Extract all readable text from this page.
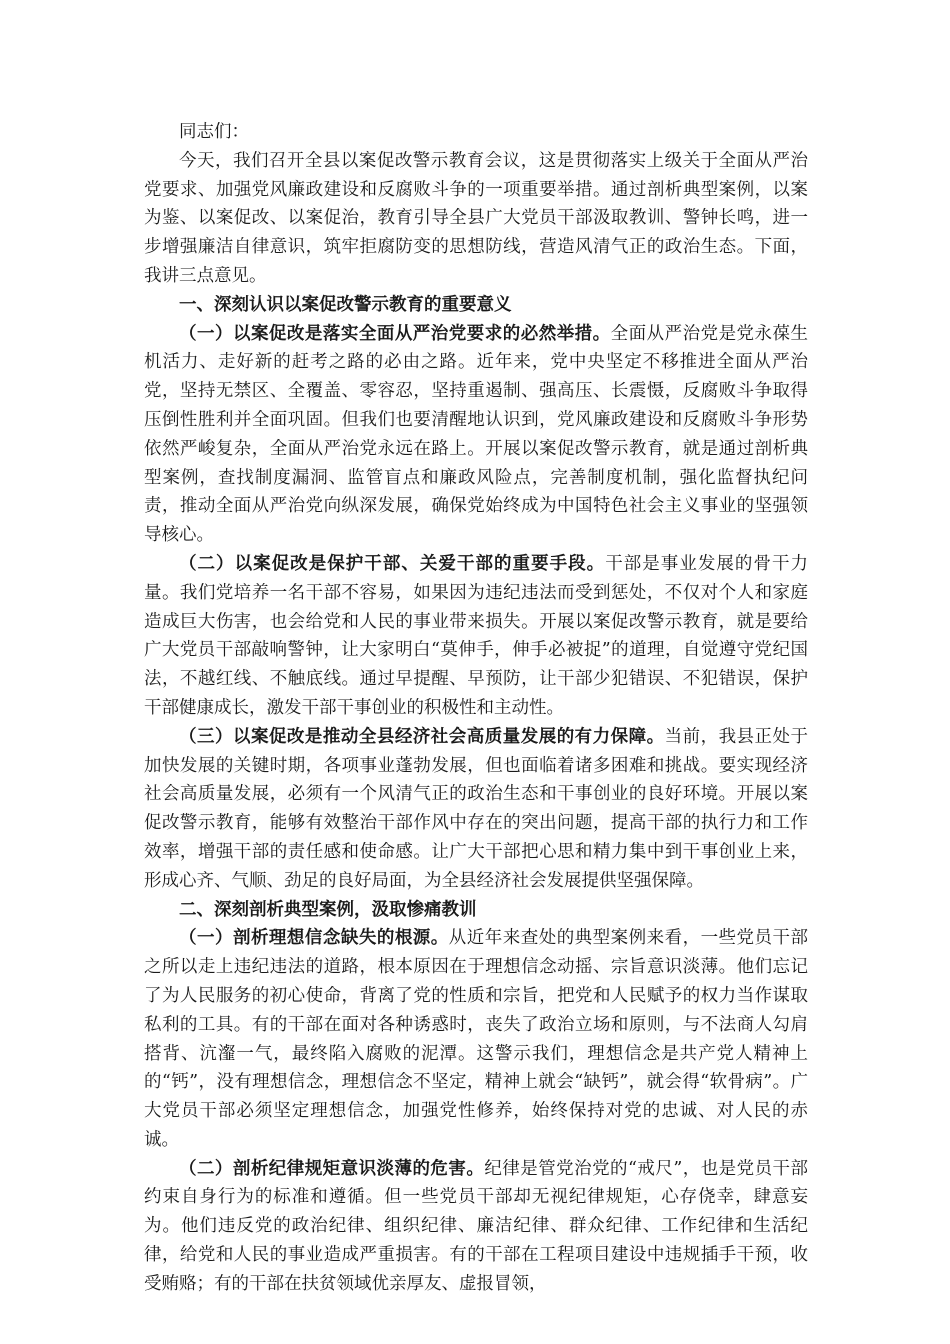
同志们：

今天，我们召开全县以案促改警示教育会议，这是贯彻落实上级关于全面从严治党要求、加强党风廉政建设和反腐败斗争的一项重要举措。通过剖析典型案例，以案为鉴、以案促改、以案促治，教育引导全县广大党员干部汲取教训、警钟长鸣，进一步增强廉洁自律意识，筑牢拒腐防变的思想防线，营造风清气正的政治生态。下面，我讲三点意见。

一、深刻认识以案促改警示教育的重要意义

（一）以案促改是落实全面从严治党要求的必然举措。全面从严治党是党永葆生机活力、走好新的赶考之路的必由之路。近年来，党中央坚定不移推进全面从严治党，坚持无禁区、全覆盖、零容忍，坚持重遏制、强高压、长震慑，反腐败斗争取得压倒性胜利并全面巩固。但我们也要清醒地认识到，党风廉政建设和反腐败斗争形势依然严峻复杂，全面从严治党永远在路上。开展以案促改警示教育，就是通过剖析典型案例，查找制度漏洞、监管盲点和廉政风险点，完善制度机制，强化监督执纪问责，推动全面从严治党向纵深发展，确保党始终成为中国特色社会主义事业的坚强领导核心。

（二）以案促改是保护干部、关爱干部的重要手段。干部是事业发展的骨干力量。我们党培养一名干部不容易，如果因为违纪违法而受到惩处，不仅对个人和家庭造成巨大伤害，也会给党和人民的事业带来损失。开展以案促改警示教育，就是要给广大党员干部敲响警钟，让大家明白“莫伸手，伸手必被捉”的道理，自觉遵守党纪国法，不越红线、不触底线。通过早提醒、早预防，让干部少犯错误、不犯错误，保护干部健康成长，激发干部干事创业的积极性和主动性。

（三）以案促改是推动全县经济社会高质量发展的有力保障。当前，我县正处于加快发展的关键时期，各项事业蓬勃发展，但也面临着诸多困难和挑战。要实现经济社会高质量发展，必须有一个风清气正的政治生态和干事创业的良好环境。开展以案促改警示教育，能够有效整治干部作风中存在的突出问题，提高干部的执行力和工作效率，增强干部的责任感和使命感。让广大干部把心思和精力集中到干事创业上来，形成心齐、气顺、劲足的良好局面，为全县经济社会发展提供坚强保障。

二、深刻剖析典型案例，汲取惨痛教训

（一）剖析理想信念缺失的根源。从近年来查处的典型案例来看，一些党员干部之所以走上违纪违法的道路，根本原因在于理想信念动摇、宗旨意识淡薄。他们忘记了为人民服务的初心使命，背离了党的性质和宗旨，把党和人民赋予的权力当作谋取私利的工具。有的干部在面对各种诱惑时，丧失了政治立场和原则，与不法商人勾肩搭背、沆瀣一气，最终陷入腐败的泥潭。这警示我们，理想信念是共产党人精神上的“钙”，没有理想信念，理想信念不坚定，精神上就会“缺钙”，就会得“软骨病”。广大党员干部必须坚定理想信念，加强党性修养，始终保持对党的忠诚、对人民的赤诚。

（二）剖析纪律规矩意识淡薄的危害。纪律是管党治党的“戒尺”，也是党员干部约束自身行为的标准和遵循。但一些党员干部却无视纪律规矩，心存侥幸，肆意妄为。他们违反党的政治纪律、组织纪律、廉洁纪律、群众纪律、工作纪律和生活纪律，给党和人民的事业造成严重损害。有的干部在工程项目建设中违规插手干预，收受贿赂；有的干部在扶贫领域优亲厚友、虚报冒领，
